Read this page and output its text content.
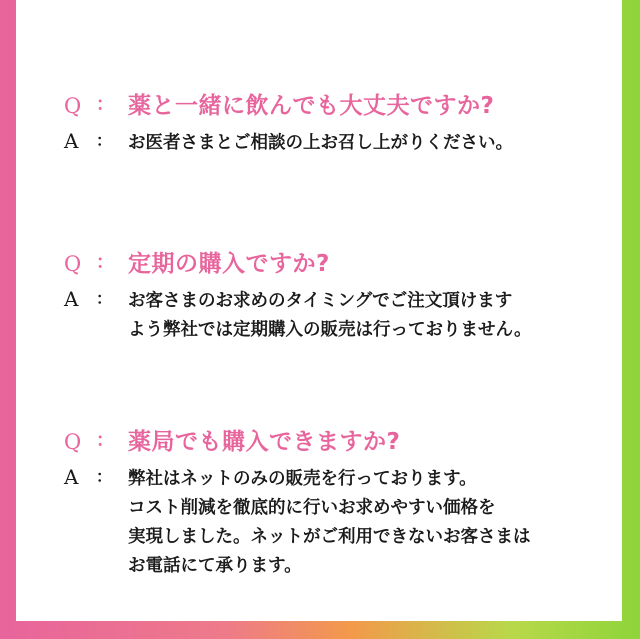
Q ： 薬と一緒に飲んでも大丈夫ですか?
A	： お医者さまとご相談の上お召し上がりください。
Q ： 定期の購入ですか?
A	： お客さまのお求めのタイミングでご注文頂けます
よう弊社では定期購入の販売は行っておりません。
Q ： 薬局でも購入できますか?
A	： 弊社はネットのみの販売を行っております。
コスト削減を徹底的に行いお求めやすい価格を
実現しました。ネットがご利用できないお客さまは
お電話にて承ります。
